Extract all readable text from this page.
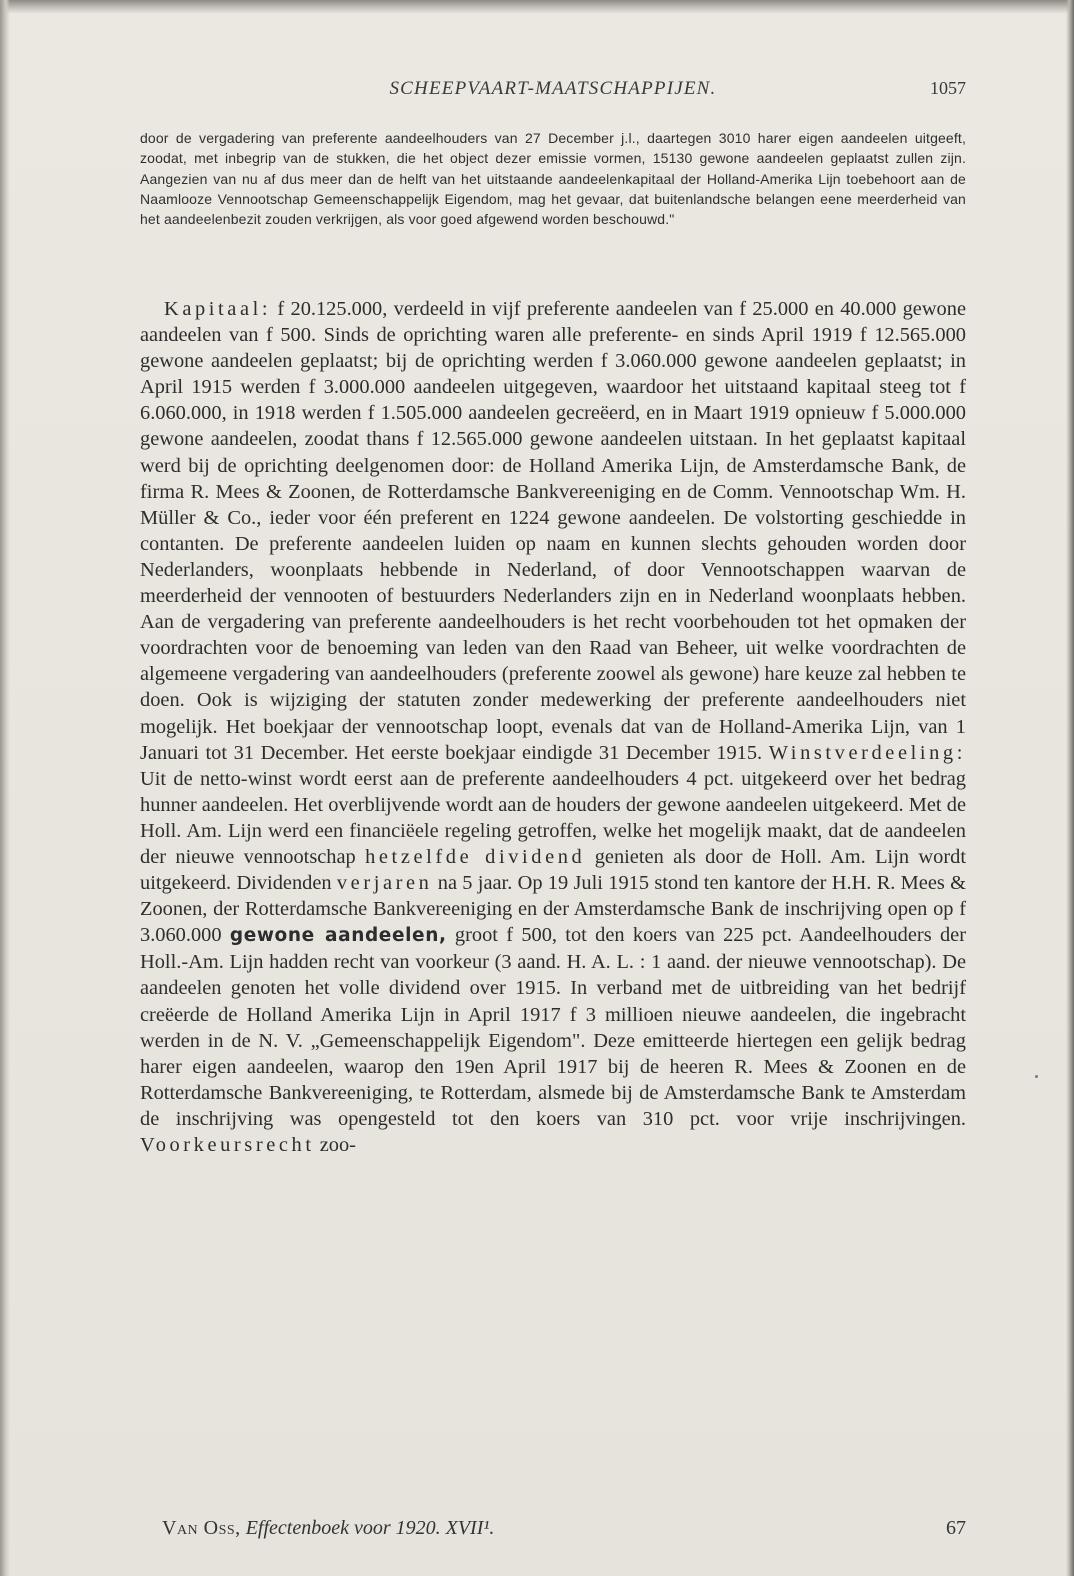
SCHEEPVAART-MAATSCHAPPIJEN.	1057
door de vergadering van preferente aandeelhouders van 27 December j.l., daartegen 3010 harer eigen aandeelen uitgeeft, zoodat, met inbegrip van de stukken, die het object dezer emissie vormen, 15130 gewone aandeelen geplaatst zullen zijn. Aangezien van nu af dus meer dan de helft van het uitstaande aandeelenkapitaal der Holland-Amerika Lijn toebehoort aan de Naamlooze Vennootschap Gemeenschappelijk Eigendom, mag het gevaar, dat buitenlandsche belangen eene meerderheid van het aandeelenbezit zouden verkrijgen, als voor goed afgewend worden beschouwd."

Kapitaal: f 20.125.000, verdeeld in vijf preferente aandeelen van f 25.000 en 40.000 gewone aandeelen van f 500. Sinds de oprichting waren alle preferente- en sinds April 1919 f 12.565.000 gewone aandeelen geplaatst; bij de oprichting werden f 3.060.000 gewone aandeelen geplaatst; in April 1915 werden f 3.000.000 aandeelen uitgegeven, waardoor het uitstaand kapitaal steeg tot f 6.060.000, in 1918 werden f 1.505.000 aandeelen gecreëerd, en in Maart 1919 opnieuw f 5.000.000 gewone aandeelen, zoodat thans f 12.565.000 gewone aandeelen uitstaan. In het geplaatst kapitaal werd bij de oprichting deelgenomen door: de Holland Amerika Lijn, de Amsterdamsche Bank, de firma R. Mees & Zoonen, de Rotterdamsche Bankvereeniging en de Comm. Vennootschap Wm. H. Müller & Co., ieder voor één preferent en 1224 gewone aandeelen. De volstorting geschiedde in contanten. De preferente aandeelen luiden op naam en kunnen slechts gehouden worden door Nederlanders, woonplaats hebbende in Nederland, of door Vennootschappen waarvan de meerderheid der vennooten of bestuurders Nederlanders zijn en in Nederland woonplaats hebben. Aan de vergadering van preferente aandeelhouders is het recht voorbehouden tot het opmaken der voordrachten voor de benoeming van leden van den Raad van Beheer, uit welke voordrachten de algemeene vergadering van aandeelhouders (preferente zoowel als gewone) hare keuze zal hebben te doen. Ook is wijziging der statuten zonder medewerking der preferente aandeelhouders niet mogelijk. Het boekjaar der vennootschap loopt, evenals dat van de Holland-Amerika Lijn, van 1 Januari tot 31 December. Het eerste boekjaar eindigde 31 December 1915. Winstverdeeling: Uit de netto-winst wordt eerst aan de preferente aandeelhouders 4 pct. uitgekeerd over het bedrag hunner aandeelen. Het overblijvende wordt aan de houders der gewone aandeelen uitgekeerd. Met de Holl. Am. Lijn werd een financiëele regeling getroffen, welke het mogelijk maakt, dat de aandeelen der nieuwe vennootschap hetzelfde dividend genieten als door de Holl. Am. Lijn wordt uitgekeerd. Dividenden verjaren na 5 jaar. Op 19 Juli 1915 stond ten kantore der H.H. R. Mees & Zoonen, der Rotterdamsche Bankvereeniging en der Amsterdamsche Bank de inschrijving open op f 3.060.000 gewone aandeelen, groot f 500, tot den koers van 225 pct. Aandeelhouders der Holl.-Am. Lijn hadden recht van voorkeur (3 aand. H. A. L. : 1 aand. der nieuwe vennootschap). De aandeelen genoten het volle dividend over 1915. In verband met de uitbreiding van het bedrijf creëerde de Holland Amerika Lijn in April 1917 f 3 millioen nieuwe aandeelen, die ingebracht werden in de N. V. „Gemeenschappelijk Eigendom". Deze emitteerde hiertegen een gelijk bedrag harer eigen aandeelen, waarop den 19en April 1917 bij de heeren R. Mees & Zoonen en de Rotterdamsche Bankvereeniging, te Rotterdam, alsmede bij de Amsterdamsche Bank te Amsterdam de inschrijving was opengesteld tot den koers van 310 pct. voor vrije inschrijvingen. Voorkeursrecht zoo-

Van Oss, Effectenboek voor 1920. XVII¹.	67
